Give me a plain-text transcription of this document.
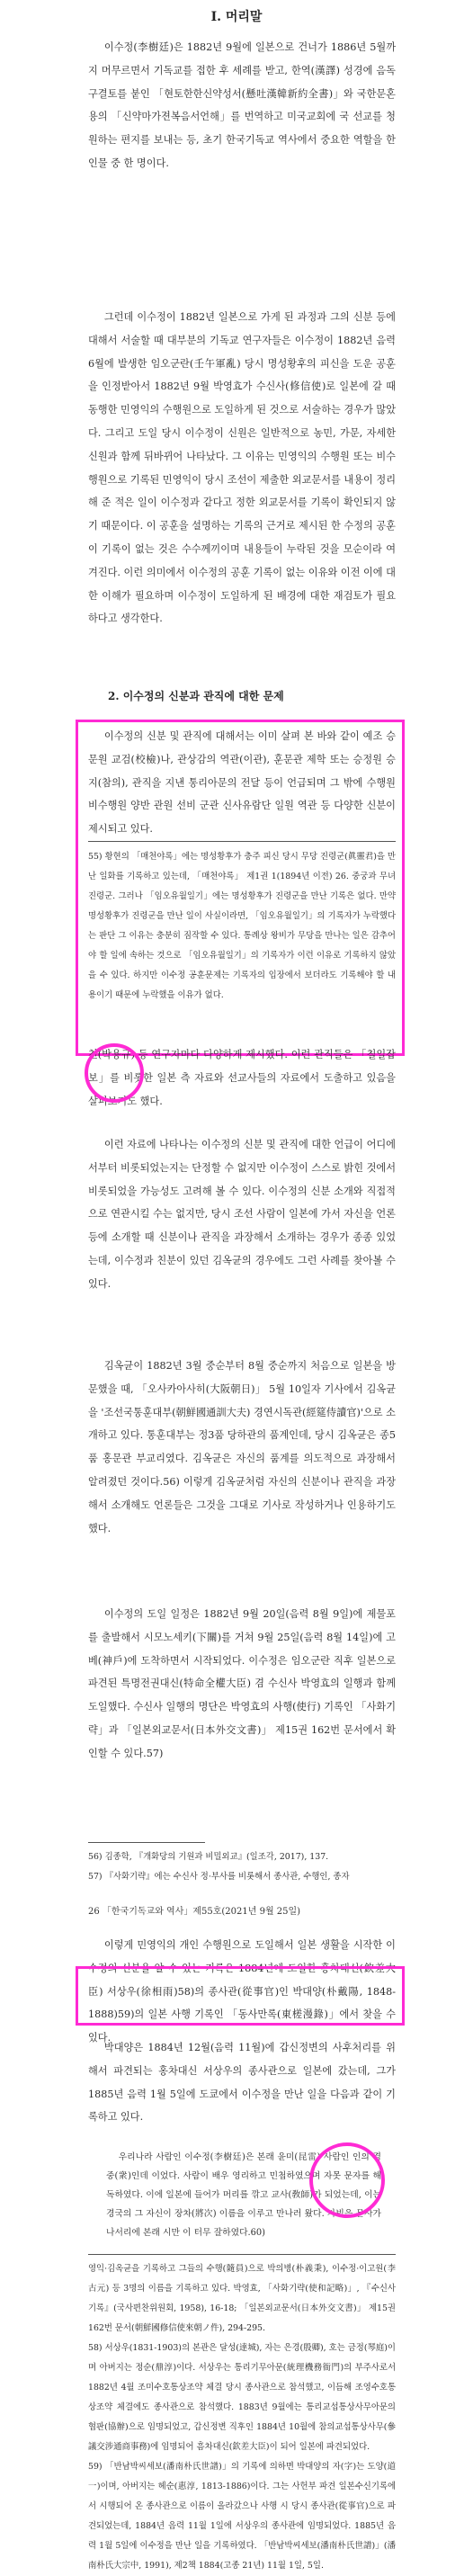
Ⅰ. 머리말

이수정(李樹廷)은 1882년 9월에 일본으로 건너가 1886년 5월까지 머무르면서 기독교를 접한 후 세례를 받고, 한역(漢譯) 성경에 음독구결토를 붙인 「현토한한신약성서(懸吐漢韓新約全書)」와 국한문혼용의 「신약마가젼복음서언해」를 번역하고 미국교회에 국 선교를 청원하는 편지를 보내는 등, 초기 한국기독교 역사에서 중요한 역할을 한 인물 중 한 명이다.

그런데 이수정이 1882년 일본으로 가게 된 과정과 그의 신분 등에 대해서 서술할 때 대부분의 기독교 연구자들은 이수정이 1882년 음력 6월에 발생한 임오군란(壬午軍亂) 당시 명성황후의 피신을 도운 공훈을 인정받아서 1882년 9월 박영효가 수신사(修信使)로 일본에 갈 때 동행한 민영익의 수행원으로 도일하게 된 것으로 서술하는 경우가 많았다. 그리고 도일 당시 이수정이 신원은 일반적으로 농민, 가문, 자세한 신원과 함께 뒤바뀌어 나타났다. 그 이유는 민영익의 수행원 또는 비수행원으로 기록된 민영익이 당시 조선이 제출한 외교문서를 내용이 정리해 준 적은 일이 이수정과 같다고 정한 외교문서를 기록이 확인되지 않기 때문이다. 이 공훈을 설명하는 기록의 근거로 제시된 한 수정의 공훈이 기록이 없는 것은 수수께끼이며 내용들이 누락된 것을 모순이라 여겨진다. 이런 의미에서 이수정의 공훈 기록이 없는 이유와 이전 이에 대한 이해가 필요하며 이수정이 도일하게 된 배경에 대한 재검토가 필요하다고 생각한다.

2. 이수정의 신분과 관직에 대한 문제

이수정의 신분 및 관직에 대해서는 이미 살펴 본 바와 같이 예조 승문원 교검(校檢)나, 관상감의 역관(이관), 훈문관 제학 또는 승정원 승지(참의), 관직을 지낸 통리아문의 전달 등이 언급되며 그 밖에 수행원 비수행원 양반 관원 선비 군관 신사유람단 일원 역관 등 다양한 신분이 제시되고 있다.

55) 황현의 「매천야록」에는 명성황후가 충주 피신 당시 무당 진령군(眞靈君)을 만난 일화를 기록하고 있는데, 「매천야록」 제1권 1(1894년 이전) 26. 중궁과 무녀 진령군. 그러나 「임오유월일기」에는 명성황후가 진령군을 만난 기록은 없다. 만약 명성황후가 진령군을 만난 일이 사실이라면, 「임오유월일기」의 기록자가 누락했다는 판단 그 이유는 충분히 짐작할 수 있다. 통례상 왕비가 무당을 만나는 일은 감추어야 할 일에 속하는 것으로 「임오유월일기」의 기록자가 이런 이유로 기록하지 않았을 수 있다. 하지만 이수정 공훈문제는 기록자의 입장에서 보더라도 기록해야 할 내용이기 때문에 누락했을 이유가 없다.

천(박용규) 등 연구자마다 다양하게 제시했다. 이런 관직들은 「칠일잡보」를 비롯한 일본 측 자료와 선교사들의 자료에서 도출하고 있음을 살펴보기도 했다.

이런 자료에 나타나는 이수정의 신분 및 관직에 대한 언급이 어디에서부터 비롯되었는지는 단정할 수 없지만 이수정이 스스로 밝힌 것에서 비롯되었을 가능성도 고려해 볼 수 있다. 이수정의 신분 소개와 직접적으로 연관시킬 수는 없지만, 당시 조선 사람이 일본에 가서 자신을 언론 등에 소개할 때 신분이나 관직을 과장해서 소개하는 경우가 종종 있었는데, 이수정과 친분이 있던 김옥균의 경우에도 그런 사례를 찾아볼 수 있다.

김옥균이 1882년 3월 중순부터 8월 중순까지 처음으로 일본을 방문했을 때, 「오사카아사히(大阪朝日)」 5월 10일자 기사에서 김옥균을 '조선국통훈대부(朝鮮國通訓大夫) 경연시독관(經筵侍讀官)'으로 소개하고 있다. 통훈대부는 정3품 당하관의 품계인데, 당시 김옥균은 종5품 홍문관 부교리였다. 김옥균은 자신의 품계를 의도적으로 과장해서 알려졌던 것이다.56) 이렇게 김옥균처럼 자신의 신분이나 관직을 과장해서 소개해도 언론들은 그것을 그대로 기사로 작성하거나 인용하기도 했다.

이수정의 도일 일정은 1882년 9월 20일(음력 8월 9일)에 제물포를 출발해서 시모노세키(下關)를 거쳐 9월 25일(음력 8월 14일)에 고베(神戶)에 도착하면서 시작되었다. 이수정은 임오군란 직후 일본으로 파견된 특명전권대신(特命全權大臣) 겸 수신사 박영효의 일행과 함께 도일했다. 수신사 일행의 명단은 박영효의 사행(使行) 기록인 「사화기략」과 「일본외교문서(日本外交文書)」 제15권 162번 문서에서 확인할 수 있다.57)

56) 김종학, 『개화당의 기원과 비밀외교』(일조각, 2017), 137.

57) 『사화기략』에는 수신사 정·부사를 비롯해서 종사관, 수행인, 종자

26 「한국기독교와 역사」제55호(2021년 9월 25일)

이렇게 민영익의 개인 수행원으로 도일해서 일본 생활을 시작한 이수정의 신분을 알 수 있는 기록은 1884년에 도일한 홍차대신(欽差大臣) 서상우(徐相雨)58)의 종사관(從事官)인 박대양(朴戴陽, 1848-1888)59)의 일본 사행 기록인 「동사만록(東槎漫錄)」에서 찾을 수 있다.

박대양은 1884년 12월(음력 11월)에 갑신정변의 사후처리를 위해서 파견되는 홍차대신 서상우의 종사관으로 일본에 갔는데, 그가 1885년 음력 1월 5일에 도쿄에서 이수정을 만난 일을 다음과 같이 기록하고 있다.

우리나라 사람인 이수정(李樹廷)은 본래 윤미(昆雷) 사람인 인의 경중(衆)인데 이었다. 사람이 배우 영리하고 민첩하였으며 자못 문자를 해독하였다. 이에 일본에 들어가 머리를 깎고 교사(敎師)가 되었는데, 이는 경국의 그 자신이 장차(將次) 이름을 이루고 만나러 왔다. 자빙은 문사가 나서리에 본래 시만 이 터무 잘하였다.60)

영익·김옥균을 기록하고 그들의 수행(隨員)으로 박의병(朴義秉), 이수정·이고원(李古元) 등 3명의 이름을 기록하고 있다. 박영효, 「사화기략(使和記略)」, 『수신사기록』(국사편찬위원회, 1958), 16-18; 「일본외교문서(日本外交文書)」 제15권 162번 문서(朝鮮國修信使來朝ノ件), 294-295.

58) 서상우(1831-1903)의 본관은 달성(達城), 자는 은경(殷卿), 호는 금정(琴庭)이며 아버지는 정순(鼎淳)이다. 서상우는 통리기무아문(統理機務衙門)의 부주사로서 1882년 4월 조미수호통상조약 체결 당시 종사관으로 참석했고, 이듬해 조영수호통상조약 체결에도 종사관으로 참석했다. 1883년 9월에는 통리교섭통상사무아문의 협판(協辦)으로 임명되었고, 갑신정변 직후인 1884년 10월에 참의교섭통상사무(參議交涉通商事務)에 임명되어 흠차대신(欽差大臣)이 되어 일본에 파견되었다.

59) 「반남박씨세보(潘南朴氏世譜)」의 기록에 의하면 박대양의 자(字)는 도양(道一)이며, 아버지는 헤순(惠淳, 1813-1886)이다. 그는 사헌부 파견 일본수신기록에서 시행되어 온 종사관으로 이름이 올라갔으나 사행 시 당시 종사관(從事官)으로 파견되었는데, 1884년 음력 11월 1일에 서상우의 종사관에 임명되었다. 1885년 음력 1월 5일에 이수정을 만난 일을 기록하였다. 「반남박씨세보(潘南朴氏世譜)」(潘南朴氏大宗中, 1991), 제2책 1884(고종 21년) 11월 1일, 5일.
